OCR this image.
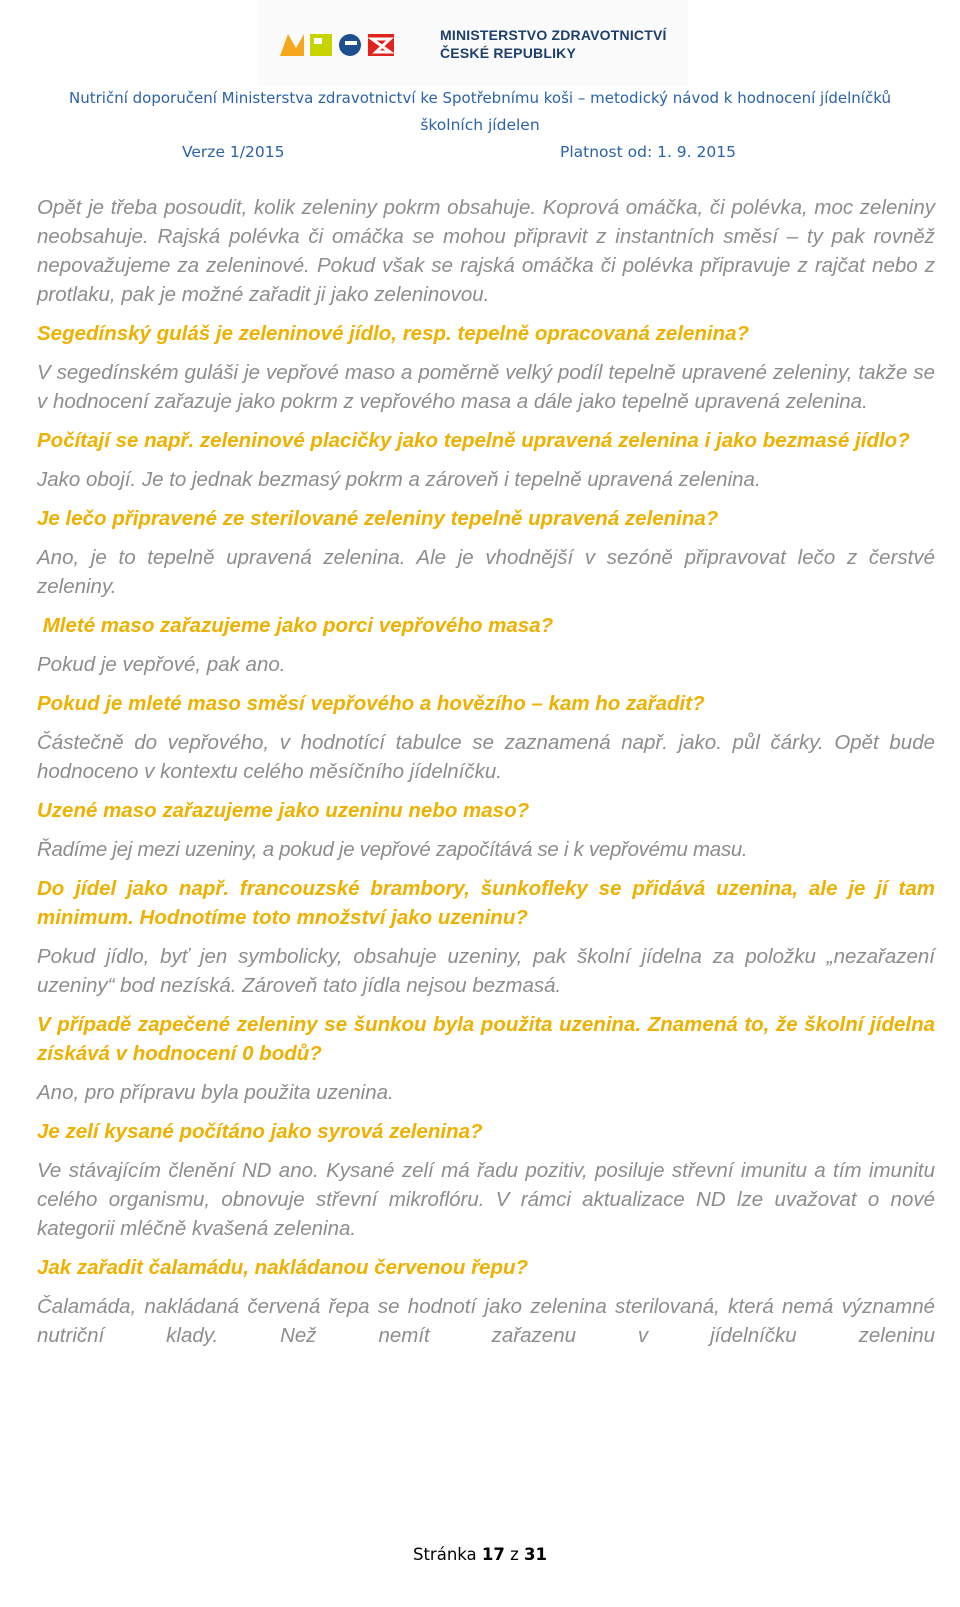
MINISTERSTVO ZDRAVOTNICTVÍ
ČESKÉ REPUBLIKY
Nutriční doporučení Ministerstva zdravotnictví ke Spotřebnímu koši – metodický návod k hodnocení jídelníčků
školních jídelen
Verze 1/2015	Platnost od: 1. 9. 2015

Opět je třeba posoudit, kolik zeleniny pokrm obsahuje. Koprová omáčka, či polévka, moc zeleniny neobsahuje. Rajská polévka či omáčka se mohou připravit z instantních směsí – ty pak rovněž nepovažujeme za zeleninové. Pokud však se rajská omáčka či polévka připravuje z rajčat nebo z protlaku, pak je možné zařadit ji jako zeleninovou.

Segedínský guláš je zeleninové jídlo, resp. tepelně opracovaná zelenina?

V segedínském guláši je vepřové maso a poměrně velký podíl tepelně upravené zeleniny, takže se v hodnocení zařazuje jako pokrm z vepřového masa a dále jako tepelně upravená zelenina.

Počítají se např. zeleninové placičky jako tepelně upravená zelenina i jako bezmasé jídlo?

Jako obojí. Je to jednak bezmasý pokrm a zároveň i tepelně upravená zelenina.

Je lečo připravené ze sterilované zeleniny tepelně upravená zelenina?

Ano, je to tepelně upravená zelenina. Ale je vhodnější v sezóně připravovat lečo z čerstvé zeleniny.

Mleté maso zařazujeme jako porci vepřového masa?

Pokud je vepřové, pak ano.

Pokud je mleté maso směsí vepřového a hovězího – kam ho zařadit?

Částečně do vepřového, v hodnotící tabulce se zaznamená např. jako. půl čárky. Opět bude hodnoceno v kontextu celého měsíčního jídelníčku.

Uzené maso zařazujeme jako uzeninu nebo maso?

Řadíme jej mezi uzeniny, a pokud je vepřové započítává se i k vepřovému masu.

Do jídel jako např. francouzské brambory, šunkofleky se přidává uzenina, ale je jí tam minimum. Hodnotíme toto množství jako uzeninu?

Pokud jídlo, byť jen symbolicky, obsahuje uzeniny, pak školní jídelna za položku „nezařazení uzeniny“ bod nezíská. Zároveň tato jídla nejsou bezmasá.

V případě zapečené zeleniny se šunkou byla použita uzenina. Znamená to, že školní jídelna získává v hodnocení 0 bodů?

Ano, pro přípravu byla použita uzenina.

Je zelí kysané počítáno jako syrová zelenina?

Ve stávajícím členění ND ano. Kysané zelí má řadu pozitiv, posiluje střevní imunitu a tím imunitu celého organismu, obnovuje střevní mikroflóru. V rámci aktualizace ND lze uvažovat o nové kategorii mléčně kvašená zelenina.

Jak zařadit čalamádu, nakládanou červenou řepu?

Čalamáda, nakládaná červená řepa se hodnotí jako zelenina sterilovaná, která nemá významné nutriční klady. Než nemít zařazenu v jídelníčku zeleninu

Stránka 17 z 31
